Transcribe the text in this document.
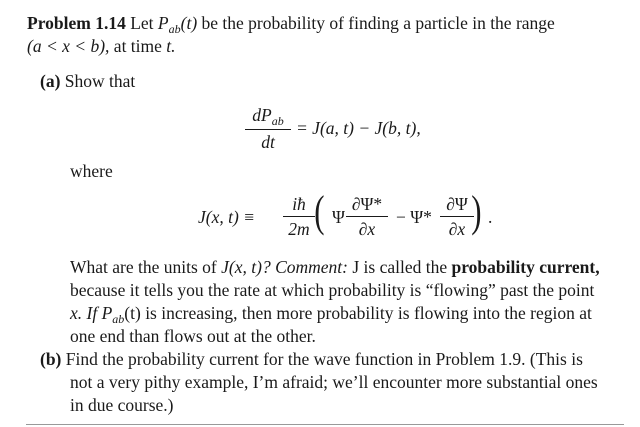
Problem 1.14 Let $P_{ab}(t)$ be the probability of finding a particle in the range
(a < x < b), at time t.
(a) Show that
$dP_{ab}$
dt
= J(a, t) − J(b, t),
where
J(x, t) ≡
iħ
2m ( Ψ
∂Ψ*
∂x
− Ψ*
∂Ψ
∂x ) .
What are the units of J(x, t)? Comment: J is called the probability current,
because it tells you the rate at which probability is “flowing” past the point
x. If $P_{ab}(t)$ is increasing, then more probability is flowing into the region at
one end than flows out at the other.
(b) Find the probability current for the wave function in Problem 1.9. (This is
not a very pithy example, I’m afraid; we’ll encounter more substantial ones
in due course.)
